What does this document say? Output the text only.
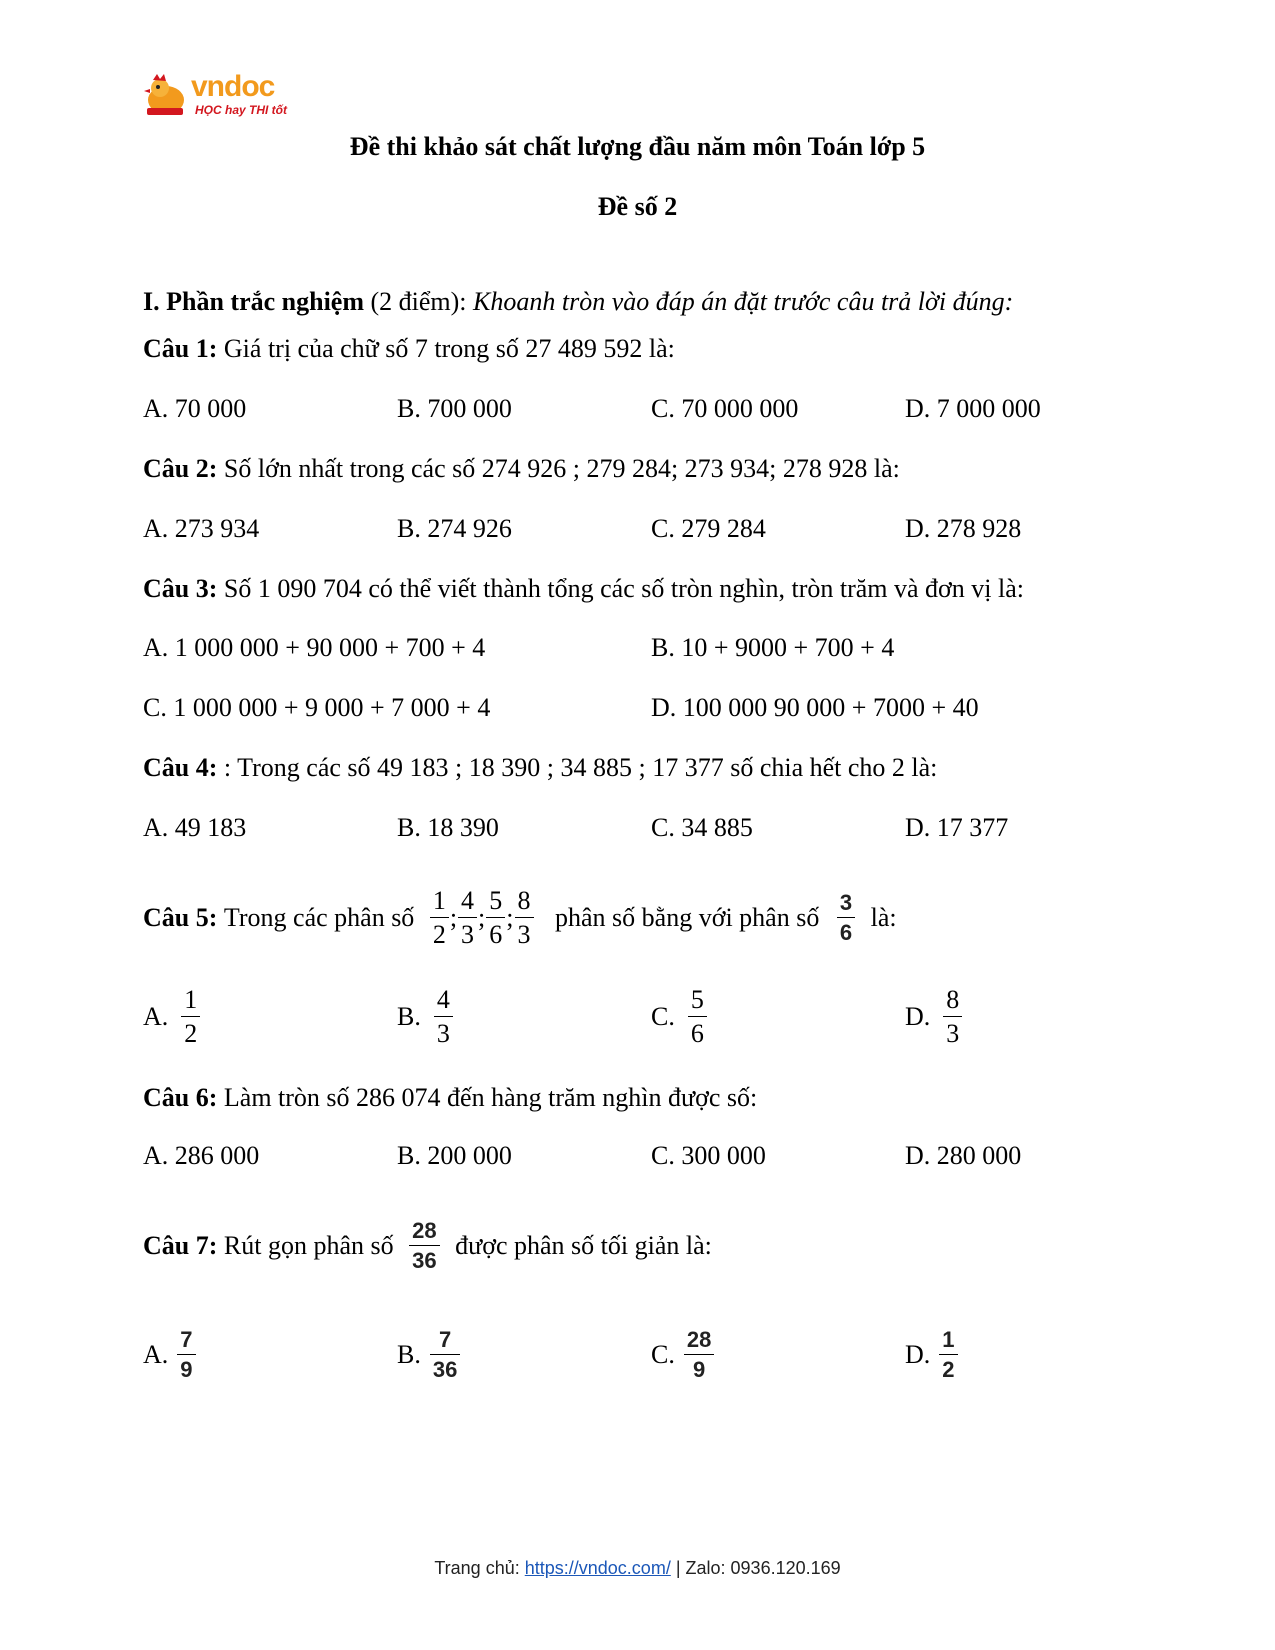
vndoc
HỌC hay THI tốt
Đề thi khảo sát chất lượng đầu năm môn Toán lớp 5
Đề số 2
I. Phần trắc nghiệm (2 điểm): Khoanh tròn vào đáp án đặt trước câu trả lời đúng:
Câu 1: Giá trị của chữ số 7 trong số 27 489 592 là:
A. 70 000	B. 700 000	C. 70 000 000	D. 7 000 000
Câu 2: Số lớn nhất trong các số 274 926 ; 279 284; 273 934; 278 928 là:
A. 273 934	B. 274 926	C. 279 284	D. 278 928
Câu 3: Số 1 090 704 có thể viết thành tổng các số tròn nghìn, tròn trăm và đơn vị là:
A. 1 000 000 + 90 000 + 700 + 4	B. 10 + 9000 + 700 + 4
C. 1 000 000 + 9 000 + 7 000 + 4	D. 100 000 90 000 + 7000 + 40
Câu 4: : Trong các số 49 183 ; 18 390 ; 34 885 ; 17 377 số chia hết cho 2 là:
A. 49 183	B. 18 390	C. 34 885	D. 17 377
Câu 5: Trong các phân số $\frac{1}{2}$ ; $\frac{4}{3}$ ; $\frac{5}{6}$ ; $\frac{8}{3}$ phân số bằng với phân số $\frac{3}{6}$ là:
A. $\frac{1}{2}$	B. $\frac{4}{3}$	C. $\frac{5}{6}$	D. $\frac{8}{3}$
Câu 6: Làm tròn số 286 074 đến hàng trăm nghìn được số:
A. 286 000	B. 200 000	C. 300 000	D. 280 000
Câu 7: Rút gọn phân số $\frac{28}{36}$ được phân số tối giản là:
A. $\frac{7}{9}$	B. $\frac{7}{36}$	C. $\frac{28}{9}$	D. $\frac{1}{2}$
Trang chủ: https://vndoc.com/ | Zalo: 0936.120.169
